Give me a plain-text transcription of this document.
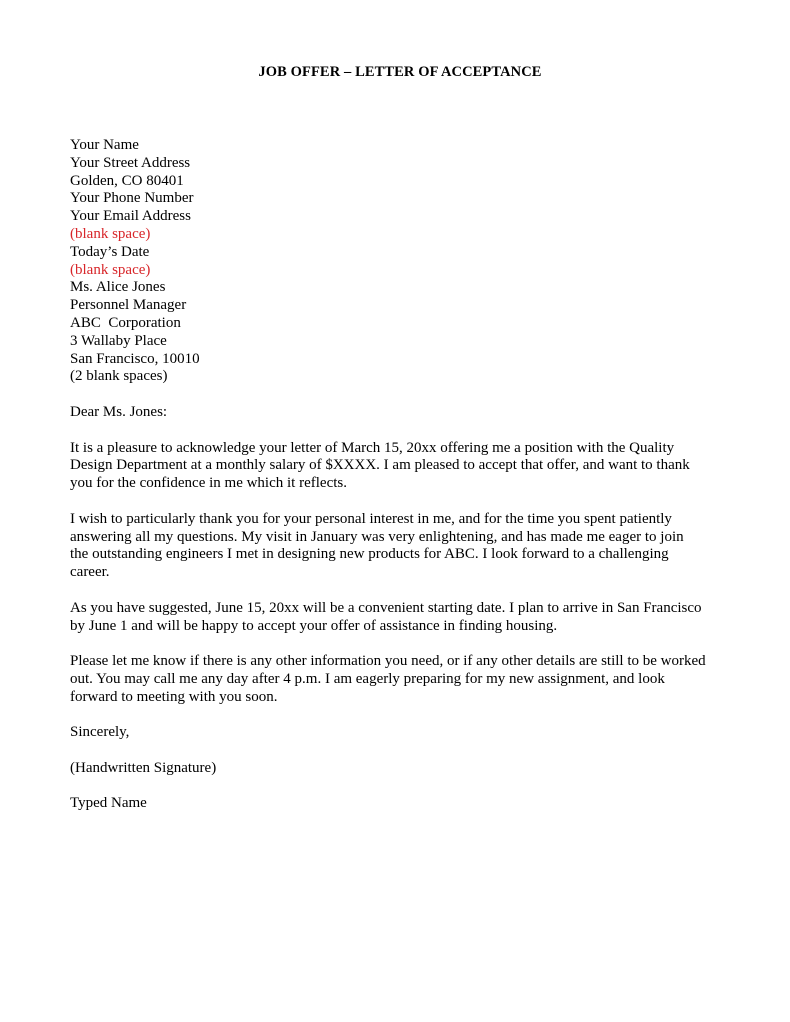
JOB OFFER – LETTER OF ACCEPTANCE
Your Name
Your Street Address
Golden, CO 80401
Your Phone Number
Your Email Address
(blank space)
Today’s Date
(blank space)
Ms. Alice Jones
Personnel Manager
ABC  Corporation
3 Wallaby Place
San Francisco, 10010
(2 blank spaces)
Dear Ms. Jones:
It is a pleasure to acknowledge your letter of March 15, 20xx offering me a position with the Quality
Design Department at a monthly salary of $XXXX. I am pleased to accept that offer, and want to thank
you for the confidence in me which it reflects.
I wish to particularly thank you for your personal interest in me, and for the time you spent patiently
answering all my questions. My visit in January was very enlightening, and has made me eager to join
the outstanding engineers I met in designing new products for ABC. I look forward to a challenging
career.
As you have suggested, June 15, 20xx will be a convenient starting date. I plan to arrive in San Francisco
by June 1 and will be happy to accept your offer of assistance in finding housing.
Please let me know if there is any other information you need, or if any other details are still to be worked
out. You may call me any day after 4 p.m. I am eagerly preparing for my new assignment, and look
forward to meeting with you soon.
Sincerely,
(Handwritten Signature)
Typed Name
